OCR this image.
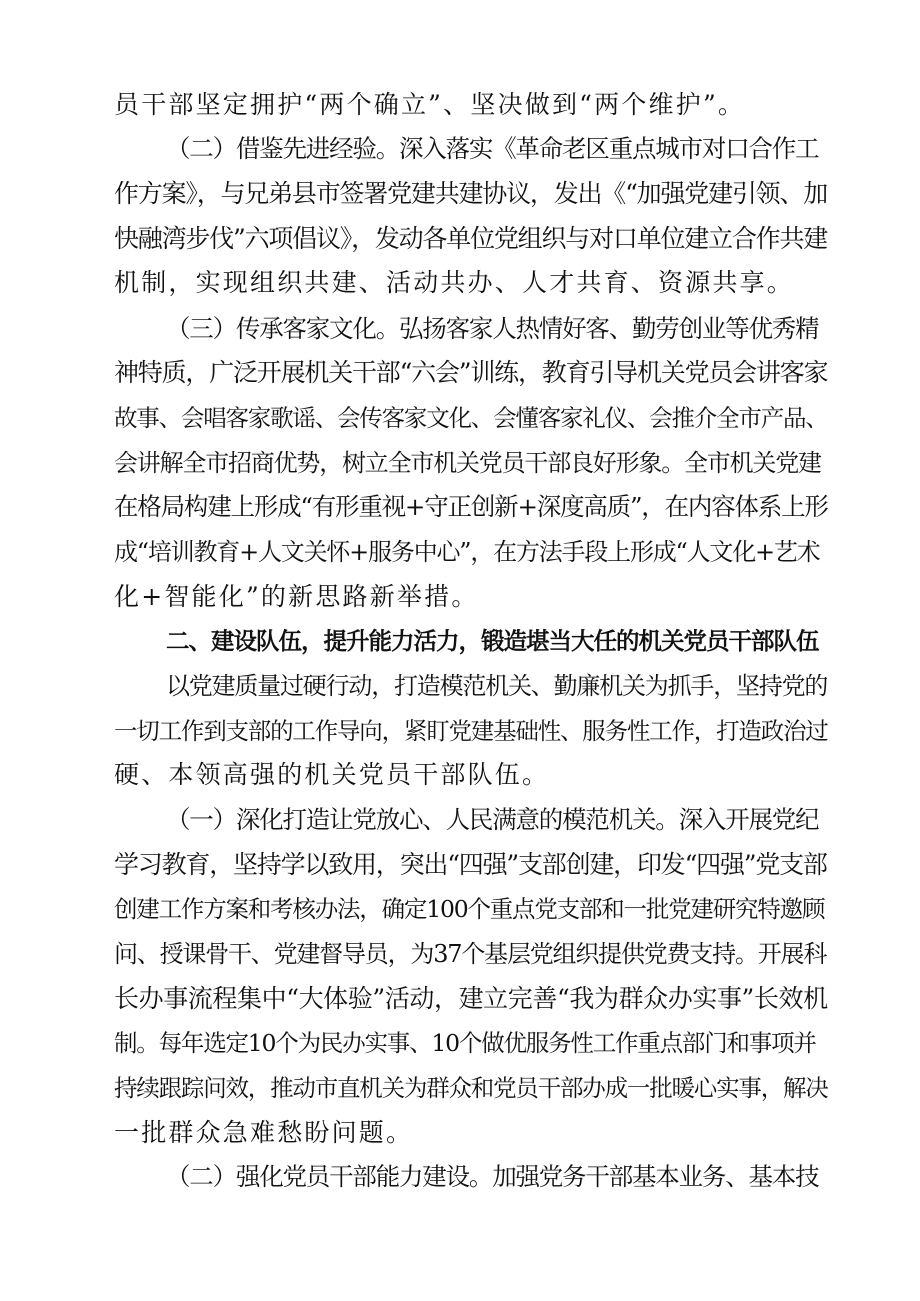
员干部坚定拥护“两个确立”、坚决做到“两个维护”。
（二）借鉴先进经验。深入落实《革命老区重点城市对口合作工
作方案》，与兄弟县市签署党建共建协议，发出《“加强党建引领、加
快融湾步伐”六项倡议》，发动各单位党组织与对口单位建立合作共建
机制，实现组织共建、活动共办、人才共育、资源共享。
（三）传承客家文化。弘扬客家人热情好客、勤劳创业等优秀精
神特质，广泛开展机关干部“六会”训练，教育引导机关党员会讲客家
故事、会唱客家歌谣、会传客家文化、会懂客家礼仪、会推介全市产品、
会讲解全市招商优势，树立全市机关党员干部良好形象。全市机关党建
在格局构建上形成“有形重视+守正创新+深度高质”，在内容体系上形
成“培训教育+人文关怀+服务中心”，在方法手段上形成“人文化+艺术
化+智能化”的新思路新举措。
二、建设队伍，提升能力活力，锻造堪当大任的机关党员干部队伍
以党建质量过硬行动，打造模范机关、勤廉机关为抓手，坚持党的
一切工作到支部的工作导向，紧盯党建基础性、服务性工作，打造政治过
硬、本领高强的机关党员干部队伍。
（一）深化打造让党放心、人民满意的模范机关。深入开展党纪
学习教育，坚持学以致用，突出“四强”支部创建，印发“四强”党支部
创建工作方案和考核办法，确定100个重点党支部和一批党建研究特邀顾
问、授课骨干、党建督导员，为37个基层党组织提供党费支持。开展科
长办事流程集中“大体验”活动，建立完善“我为群众办实事”长效机
制。每年选定10个为民办实事、10个做优服务性工作重点部门和事项并
持续跟踪问效，推动市直机关为群众和党员干部办成一批暖心实事，解决
一批群众急难愁盼问题。
（二）强化党员干部能力建设。加强党务干部基本业务、基本技
